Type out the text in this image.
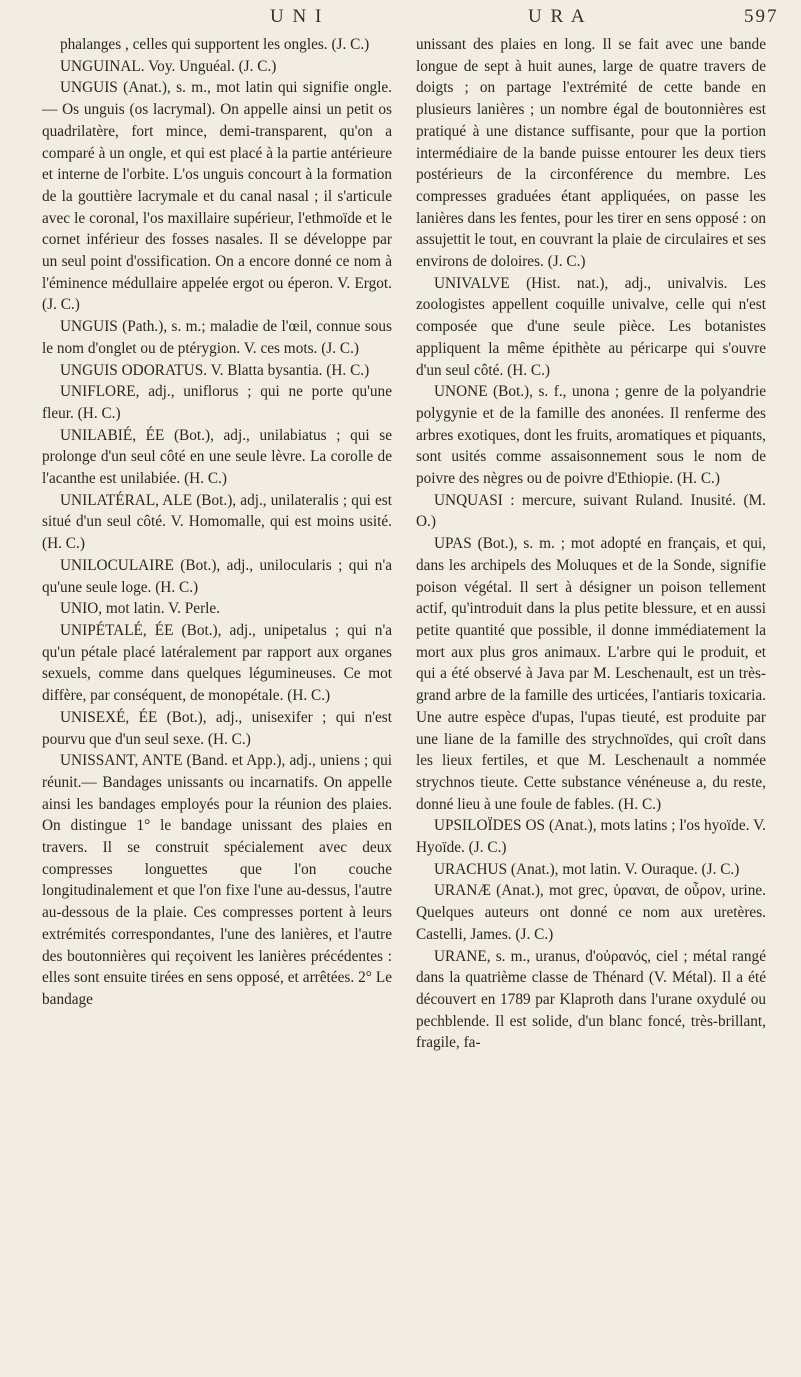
U N I	U R A	597

phalanges , celles qui supportent les ongles. (J. C.)

UNGUINAL. Voy. Unguéal. (J. C.)

UNGUIS (Anat.), s. m., mot latin qui signifie ongle.— Os unguis (os lacrymal). On appelle ainsi un petit os quadrilatère, fort mince, demi-transparent, qu'on a comparé à un ongle, et qui est placé à la partie antérieure et interne de l'orbite. L'os unguis concourt à la formation de la gouttière lacrymale et du canal nasal ; il s'articule avec le coronal, l'os maxillaire supérieur, l'ethmoïde et le cornet inférieur des fosses nasales. Il se développe par un seul point d'ossification. On a encore donné ce nom à l'éminence médullaire appelée ergot ou éperon. V. Ergot. (J. C.)

UNGUIS (Path.), s. m.; maladie de l'œil, connue sous le nom d'onglet ou de ptérygion. V. ces mots. (J. C.)

UNGUIS ODORATUS. V. Blatta bysantia. (H. C.)

UNIFLORE, adj., uniflorus ; qui ne porte qu'une fleur. (H. C.)

UNILABIÉ, ÉE (Bot.), adj., unilabiatus ; qui se prolonge d'un seul côté en une seule lèvre. La corolle de l'acanthe est unilabiée. (H. C.)

UNILATÉRAL, ALE (Bot.), adj., unilateralis ; qui est situé d'un seul côté. V. Homomalle, qui est moins usité. (H. C.)

UNILOCULAIRE (Bot.), adj., unilocularis ; qui n'a qu'une seule loge. (H. C.)

UNIO, mot latin. V. Perle.

UNIPÉTALÉ, ÉE (Bot.), adj., unipetalus ; qui n'a qu'un pétale placé latéralement par rapport aux organes sexuels, comme dans quelques légumineuses. Ce mot diffère, par conséquent, de monopétale. (H. C.)

UNISEXÉ, ÉE (Bot.), adj., unisexifer ; qui n'est pourvu que d'un seul sexe. (H. C.)

UNISSANT, ANTE (Band. et App.), adj., uniens ; qui réunit.— Bandages unissants ou incarnatifs. On appelle ainsi les bandages employés pour la réunion des plaies. On distingue 1° le bandage unissant des plaies en travers. Il se construit spécialement avec deux compresses longuettes que l'on couche longitudinalement et que l'on fixe l'une au-dessus, l'autre au-dessous de la plaie. Ces compresses portent à leurs extrémités correspondantes, l'une des lanières, et l'autre des boutonnières qui reçoivent les lanières précédentes : elles sont ensuite tirées en sens opposé, et arrêtées. 2° Le bandage

unissant des plaies en long. Il se fait avec une bande longue de sept à huit aunes, large de quatre travers de doigts ; on partage l'extrémité de cette bande en plusieurs lanières ; un nombre égal de boutonnières est pratiqué à une distance suffisante, pour que la portion intermédiaire de la bande puisse entourer les deux tiers postérieurs de la circonférence du membre. Les compresses graduées étant appliquées, on passe les lanières dans les fentes, pour les tirer en sens opposé : on assujettit le tout, en couvrant la plaie de circulaires et ses environs de doloires. (J. C.)

UNIVALVE (Hist. nat.), adj., univalvis. Les zoologistes appellent coquille univalve, celle qui n'est composée que d'une seule pièce. Les botanistes appliquent la même épithète au péricarpe qui s'ouvre d'un seul côté. (H. C.)

UNONE (Bot.), s. f., unona ; genre de la polyandrie polygynie et de la famille des anonées. Il renferme des arbres exotiques, dont les fruits, aromatiques et piquants, sont usités comme assaisonnement sous le nom de poivre des nègres ou de poivre d'Ethiopie. (H. C.)

UNQUASI : mercure, suivant Ruland. Inusité. (M. O.)

UPAS (Bot.), s. m. ; mot adopté en français, et qui, dans les archipels des Moluques et de la Sonde, signifie poison végétal. Il sert à désigner un poison tellement actif, qu'introduit dans la plus petite blessure, et en aussi petite quantité que possible, il donne immédiatement la mort aux plus gros animaux. L'arbre qui le produit, et qui a été observé à Java par M. Leschenault, est un très-grand arbre de la famille des urticées, l'antiaris toxicaria. Une autre espèce d'upas, l'upas tieuté, est produite par une liane de la famille des strychnoïdes, qui croît dans les lieux fertiles, et que M. Leschenault a nommée strychnos tieute. Cette substance vénéneuse a, du reste, donné lieu à une foule de fables. (H. C.)

UPSILOÏDES OS (Anat.), mots latins ; l'os hyoïde. V. Hyoïde. (J. C.)

URACHUS (Anat.), mot latin. V. Ouraque. (J. C.)

URANÆ (Anat.), mot grec, ὑραναι, de οὖρον, urine. Quelques auteurs ont donné ce nom aux uretères. Castelli, James. (J. C.)

URANE, s. m., uranus, d'οὐρανός, ciel ; métal rangé dans la quatrième classe de Thénard (V. Métal). Il a été découvert en 1789 par Klaproth dans l'urane oxydulé ou pechblende. Il est solide, d'un blanc foncé, très-brillant, fragile, fa-
